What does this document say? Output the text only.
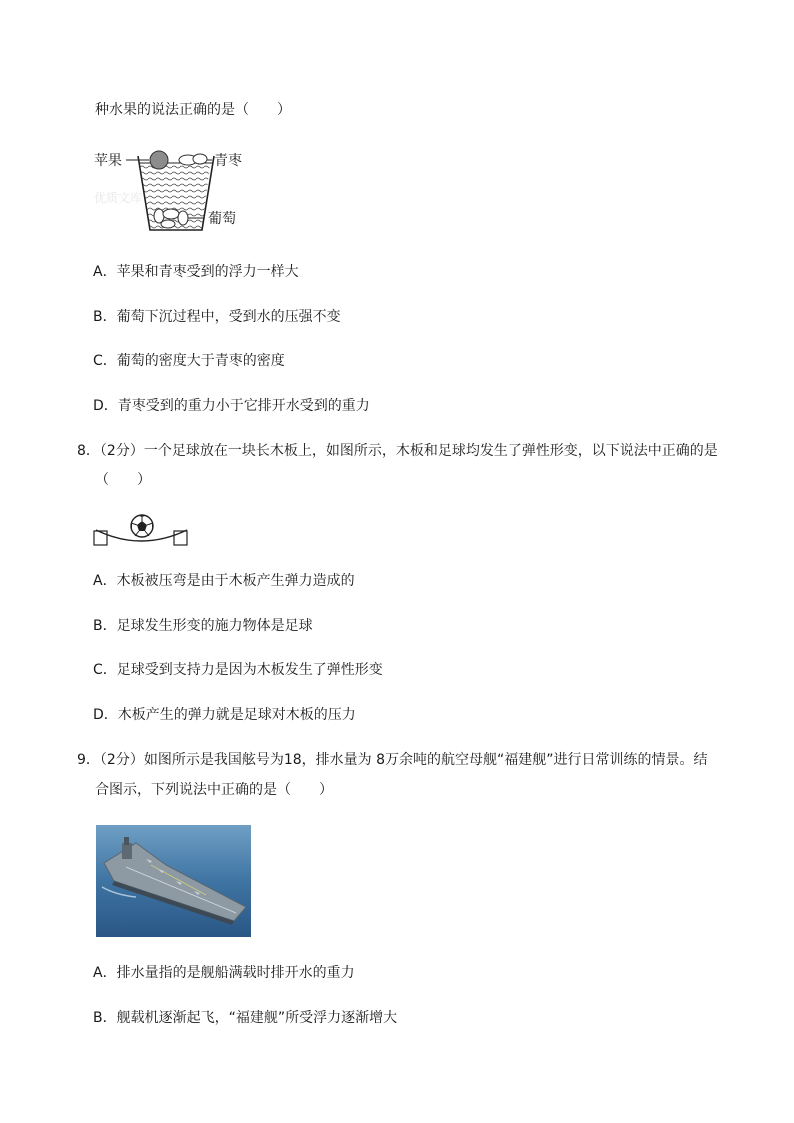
种水果的说法正确的是（　　）
苹果	青枣
葡萄
优质文库
A．苹果和青枣受到的浮力一样大
B．葡萄下沉过程中，受到水的压强不变
C．葡萄的密度大于青枣的密度
D．青枣受到的重力小于它排开水受到的重力
8．（2分）一个足球放在一块长木板上，如图所示，木板和足球均发生了弹性形变，以下说法中正确的是
（　　）
A．木板被压弯是由于木板产生弹力造成的
B．足球发生形变的施力物体是足球
C．足球受到支持力是因为木板发生了弹性形变
D．木板产生的弹力就是足球对木板的压力
9．（2分）如图所示是我国舷号为18，排水量为 8万余吨的航空母舰“福建舰”进行日常训练的情景。结
合图示，下列说法中正确的是（　　）
A．排水量指的是舰船满载时排开水的重力
B．舰载机逐渐起飞，“福建舰”所受浮力逐渐增大
